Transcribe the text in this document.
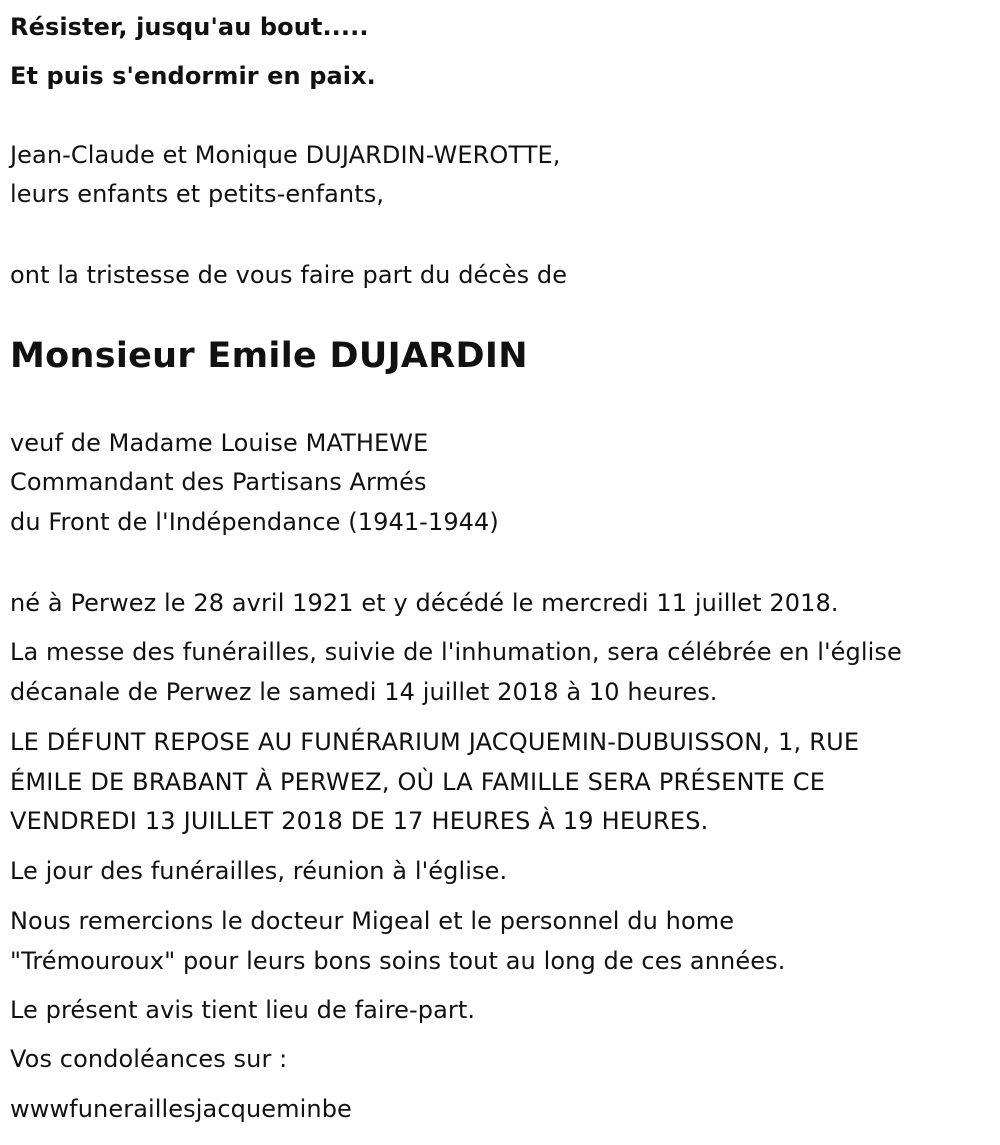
Résister, jusqu'au bout.....

Et puis s'endormir en paix.

Jean-Claude et Monique DUJARDIN-WEROTTE,

leurs enfants et petits-enfants,

ont la tristesse de vous faire part du décès de

Monsieur Emile DUJARDIN

veuf de Madame Louise MATHEWE

Commandant des Partisans Armés

du Front de l'Indépendance (1941-1944)

né à Perwez le 28 avril 1921 et y décédé le mercredi 11 juillet 2018.

La messe des funérailles, suivie de l'inhumation, sera célébrée en l'église

décanale de Perwez le samedi 14 juillet 2018 à 10 heures.

LE DÉFUNT REPOSE AU FUNÉRARIUM JACQUEMIN-DUBUISSON, 1, RUE

ÉMILE DE BRABANT À PERWEZ, OÙ LA FAMILLE SERA PRÉSENTE CE

VENDREDI 13 JUILLET 2018 DE 17 HEURES À 19 HEURES.

Le jour des funérailles, réunion à l'église.

Nous remercions le docteur Migeal et le personnel du home

"Trémouroux" pour leurs bons soins tout au long de ces années.

Le présent avis tient lieu de faire-part.

Vos condoléances sur :

wwwfuneraillesjacqueminbe
